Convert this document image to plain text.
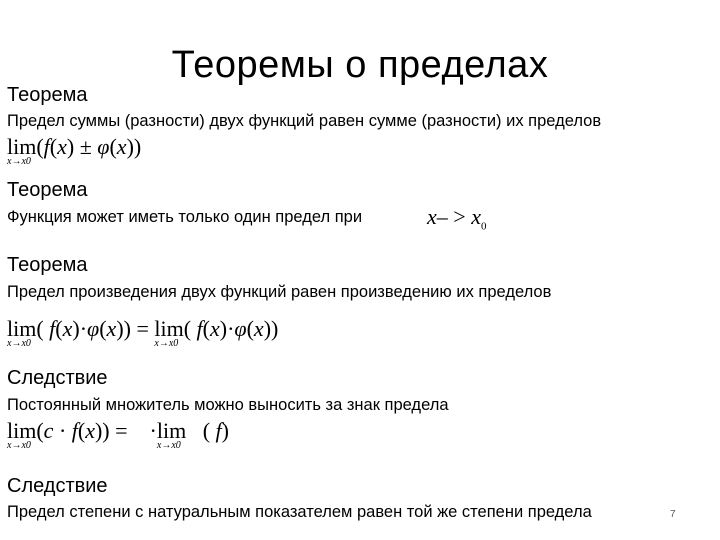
Теоремы о пределах
Теорема
Предел суммы (разности) двух функций равен сумме (разности) их пределов
lim
x→x0
(f(x) ± φ(x))
Теорема
Функция может иметь только один предел при	$x- > x_0$
Теорема
Предел произведения двух функций равен произведению их пределов
lim
x→x0
( f(x)·φ(x)) = lim
x→x0
( f(x)·φ(x))
Следствие
Постоянный множитель можно выносить за знак предела
lim
x→x0
(c · f(x)) =    ·lim
x→x0
( f)
Следствие
Предел степени с натуральным показателем равен той же степени предела	7
